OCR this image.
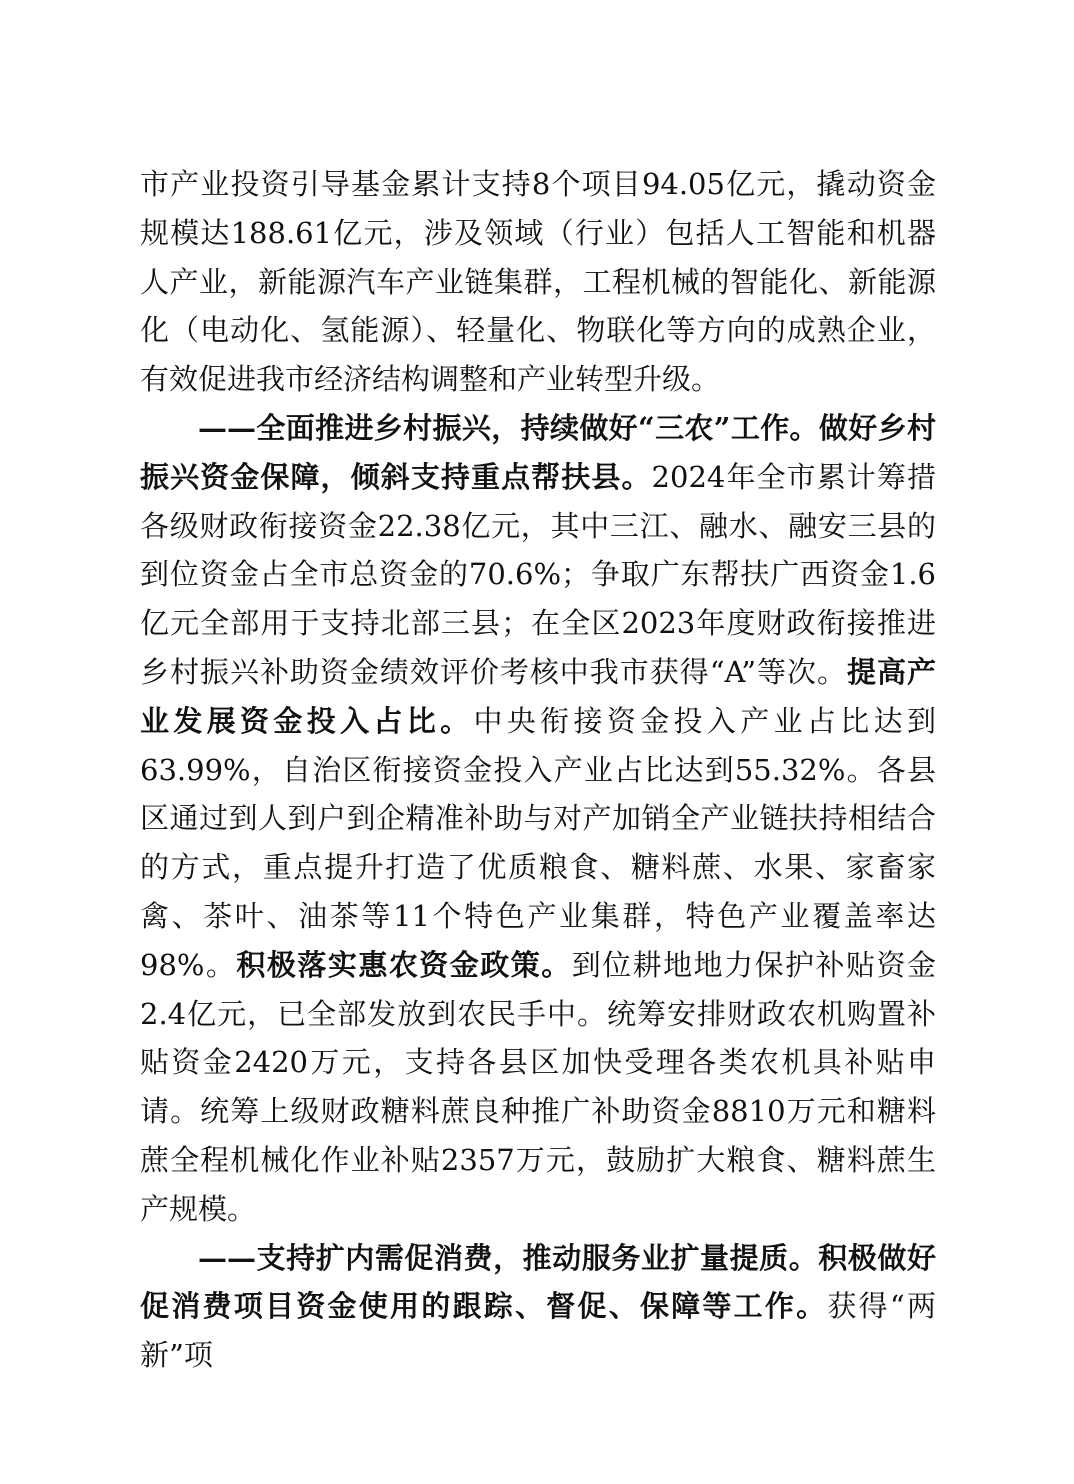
市产业投资引导基金累计支持8个项目94.05亿元，撬动资金规模达188.61亿元，涉及领域（行业）包括人工智能和机器人产业，新能源汽车产业链集群，工程机械的智能化、新能源化（电动化、氢能源）、轻量化、物联化等方向的成熟企业，有效促进我市经济结构调整和产业转型升级。

——全面推进乡村振兴，持续做好“三农”工作。做好乡村振兴资金保障，倾斜支持重点帮扶县。2024年全市累计筹措各级财政衔接资金22.38亿元，其中三江、融水、融安三县的到位资金占全市总资金的70.6%；争取广东帮扶广西资金1.6亿元全部用于支持北部三县；在全区2023年度财政衔接推进乡村振兴补助资金绩效评价考核中我市获得“A”等次。提高产业发展资金投入占比。中央衔接资金投入产业占比达到63.99%，自治区衔接资金投入产业占比达到55.32%。各县区通过到人到户到企精准补助与对产加销全产业链扶持相结合的方式，重点提升打造了优质粮食、糖料蔗、水果、家畜家禽、茶叶、油茶等11个特色产业集群，特色产业覆盖率达98%。积极落实惠农资金政策。到位耕地地力保护补贴资金2.4亿元，已全部发放到农民手中。统筹安排财政农机购置补贴资金2420万元，支持各县区加快受理各类农机具补贴申请。统筹上级财政糖料蔗良种推广补助资金8810万元和糖料蔗全程机械化作业补贴2357万元，鼓励扩大粮食、糖料蔗生产规模。

——支持扩内需促消费，推动服务业扩量提质。积极做好促消费项目资金使用的跟踪、督促、保障等工作。获得“两新”项
